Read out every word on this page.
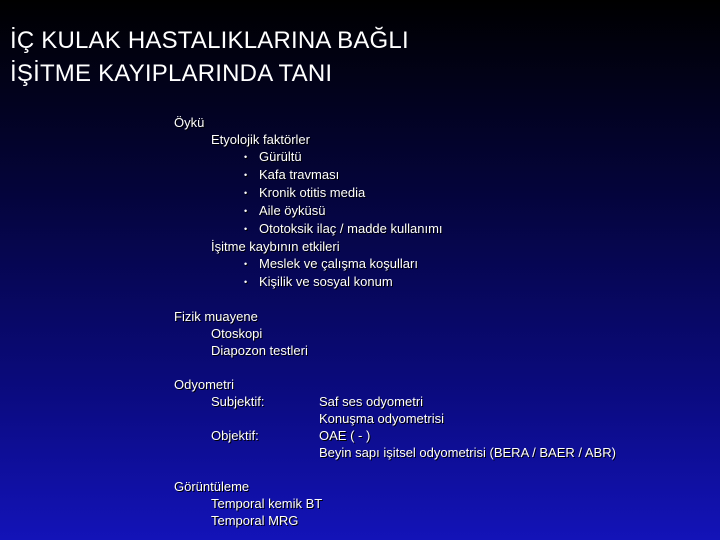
İÇ KULAK HASTALIKLARINA BAĞLI
İŞİTME KAYIPLARINDA TANI
Öykü
Etyolojik faktörler
• Gürültü
• Kafa travması
• Kronik otitis media
• Aile öyküsü
• Ototoksik ilaç / madde kullanımı
İşitme kaybının etkileri
• Meslek ve çalışma koşulları
• Kişilik ve sosyal konum
Fizik muayene
Otoskopi
Diapozon testleri
Odyometri
Subjektif:	Saf ses odyometri
Konuşma odyometrisi
Objektif:	OAE ( - )
Beyin sapı işitsel odyometrisi (BERA / BAER / ABR)
Görüntüleme
Temporal kemik BT
Temporal MRG
